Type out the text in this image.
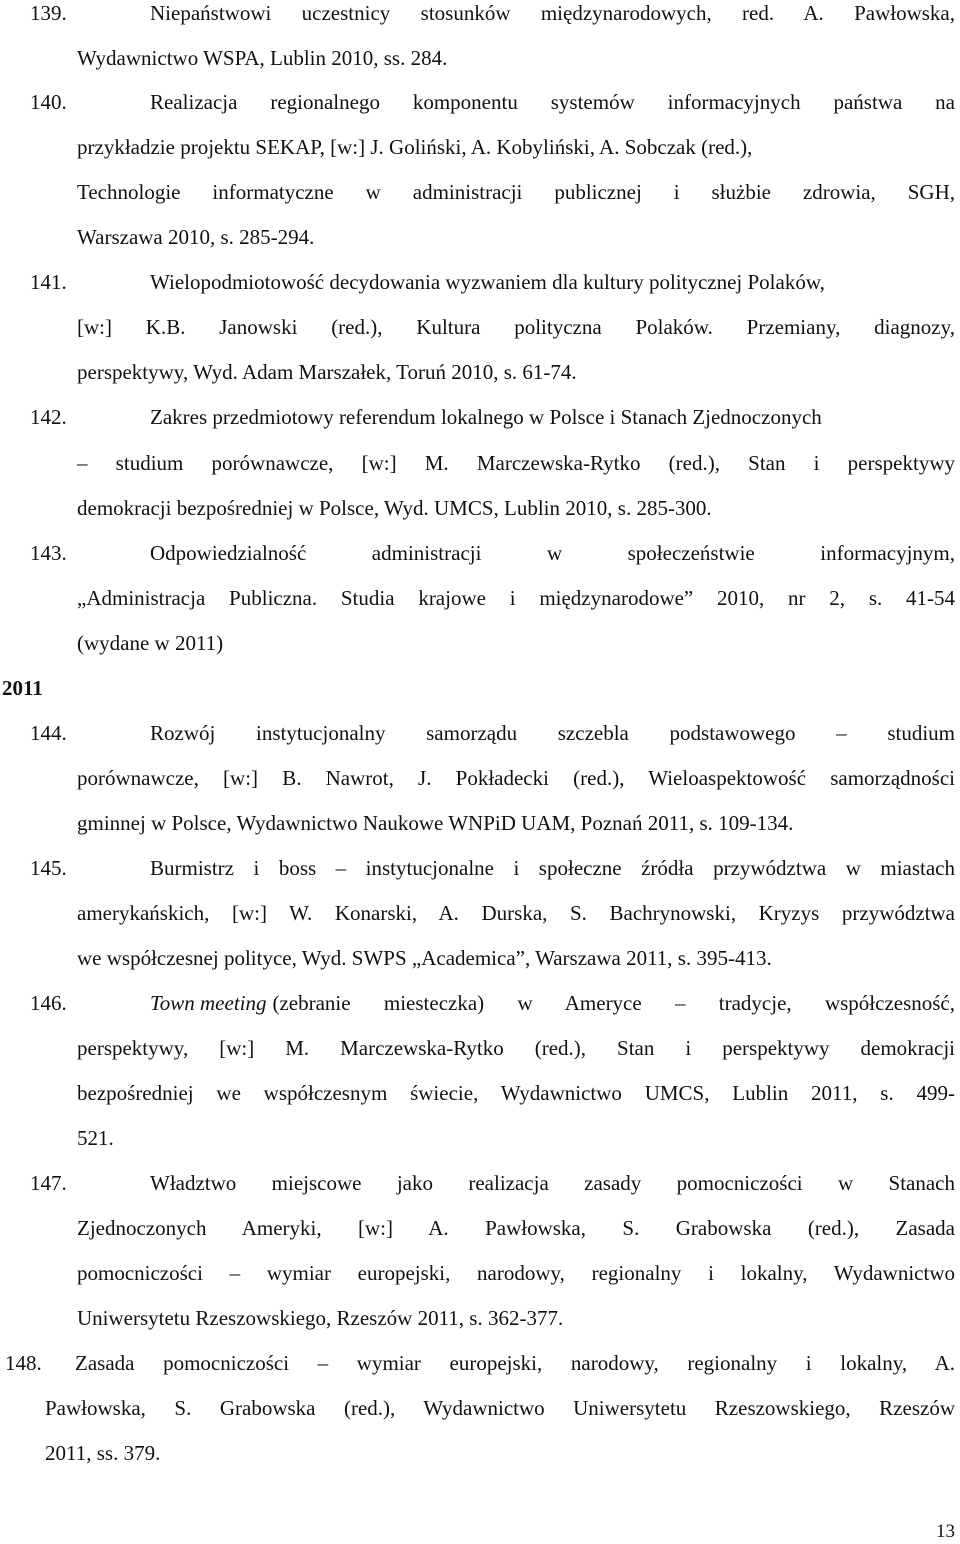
139.	Niepaństwowi uczestnicy stosunków międzynarodowych, red. A. Pawłowska,
Wydawnictwo WSPA, Lublin 2010, ss. 284.
140.	Realizacja regionalnego komponentu systemów informacyjnych państwa na
przykładzie projektu SEKAP, [w:] J. Goliński, A. Kobyliński, A. Sobczak (red.),
Technologie informatyczne w administracji publicznej i służbie zdrowia, SGH,
Warszawa 2010, s. 285-294.
141.	Wielopodmiotowość decydowania wyzwaniem dla kultury politycznej Polaków,
[w:] K.B. Janowski (red.), Kultura polityczna Polaków. Przemiany, diagnozy,
perspektywy, Wyd. Adam Marszałek, Toruń 2010, s. 61-74.
142.	Zakres przedmiotowy referendum lokalnego w Polsce i Stanach Zjednoczonych
– studium porównawcze, [w:] M. Marczewska-Rytko (red.), Stan i perspektywy
demokracji bezpośredniej w Polsce, Wyd. UMCS, Lublin 2010, s. 285-300.
143.	Odpowiedzialność administracji w społeczeństwie informacyjnym,
„Administracja Publiczna. Studia krajowe i międzynarodowe” 2010, nr 2, s. 41-54
(wydane w 2011)
2011
144.	Rozwój instytucjonalny samorządu szczebla podstawowego – studium
porównawcze, [w:] B. Nawrot, J. Pokładecki (red.), Wieloaspektowość samorządności
gminnej w Polsce, Wydawnictwo Naukowe WNPiD UAM, Poznań 2011, s. 109-134.
145.	Burmistrz i boss – instytucjonalne i społeczne źródła przywództwa w miastach
amerykańskich, [w:] W. Konarski, A. Durska, S. Bachrynowski, Kryzys przywództwa
we współczesnej polityce, Wyd. SWPS „Academica”, Warszawa 2011, s. 395-413.
146.	Town meeting (zebranie miesteczka) w Ameryce – tradycje, współczesność,
perspektywy, [w:] M. Marczewska-Rytko (red.), Stan i perspektywy demokracji
bezpośredniej we współczesnym świecie, Wydawnictwo UMCS, Lublin 2011, s. 499-
521.
147.	Władztwo miejscowe jako realizacja zasady pomocniczości w Stanach
Zjednoczonych Ameryki, [w:] A. Pawłowska, S. Grabowska (red.), Zasada
pomocniczości – wymiar europejski, narodowy, regionalny i lokalny, Wydawnictwo
Uniwersytetu Rzeszowskiego, Rzeszów 2011, s. 362-377.
148. Zasada pomocniczości – wymiar europejski, narodowy, regionalny i lokalny, A.
Pawłowska, S. Grabowska (red.), Wydawnictwo Uniwersytetu Rzeszowskiego, Rzeszów
2011, ss. 379.
13
